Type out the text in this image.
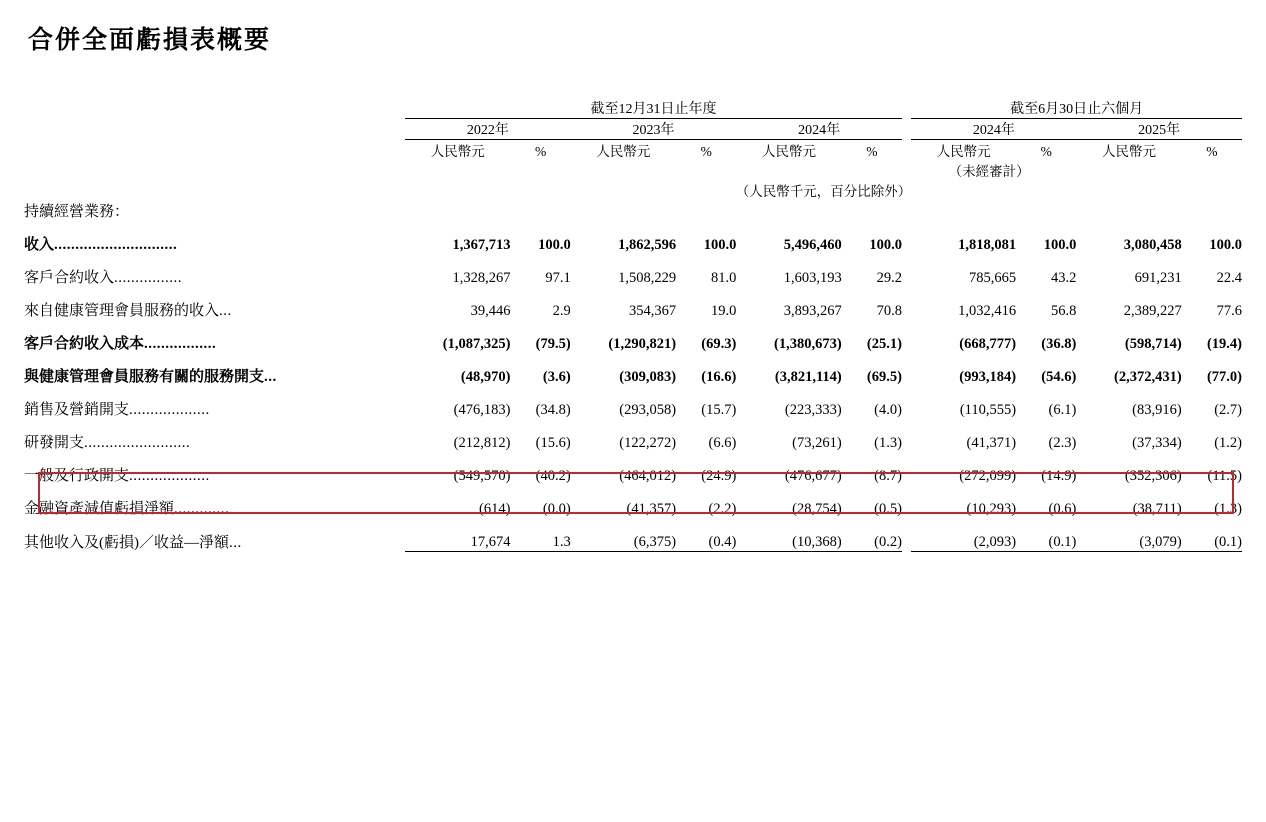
合併全面虧損表概要
	截至12月31日止年度							截至6月30日止六個月			
	2022年		2023年		2024年			2024年		2025年	
	人民幣元	%	人民幣元	%	人民幣元	%		人民幣元	%	人民幣元	%
							（未經審計）				
	（人民幣千元，百分比除外）										
持續經營業務：											
收入.............................	1,367,713	100.0	1,862,596	100.0	5,496,460	100.0		1,818,081	100.0	3,080,458	100.0
客戶合約收入................	1,328,267	97.1	1,508,229	81.0	1,603,193	29.2		785,665	43.2	691,231	22.4
來自健康管理會員服務的收入...	39,446	2.9	354,367	19.0	3,893,267	70.8		1,032,416	56.8	2,389,227	77.6
客戶合約收入成本.................	(1,087,325)	(79.5)	(1,290,821)	(69.3)	(1,380,673)	(25.1)		(668,777)	(36.8)	(598,714)	(19.4)
與健康管理會員服務有關的服務開支...	(48,970)	(3.6)	(309,083)	(16.6)	(3,821,114)	(69.5)		(993,184)	(54.6)	(2,372,431)	(77.0)
銷售及營銷開支...................	(476,183)	(34.8)	(293,058)	(15.7)	(223,333)	(4.0)		(110,555)	(6.1)	(83,916)	(2.7)
研發開支.........................	(212,812)	(15.6)	(122,272)	(6.6)	(73,261)	(1.3)		(41,371)	(2.3)	(37,334)	(1.2)
一般及行政開支...................	(549,570)	(40.2)	(464,012)	(24.9)	(476,677)	(8.7)		(272,099)	(14.9)	(352,306)	(11.5)
金融資產減值虧損淨額.............	(614)	(0.0)	(41,357)	(2.2)	(28,754)	(0.5)		(10,293)	(0.6)	(38,711)	(1.3)
其他收入及(虧損)／收益—淨額...	17,674	1.3	(6,375)	(0.4)	(10,368)	(0.2)		(2,093)	(0.1)	(3,079)	(0.1)
